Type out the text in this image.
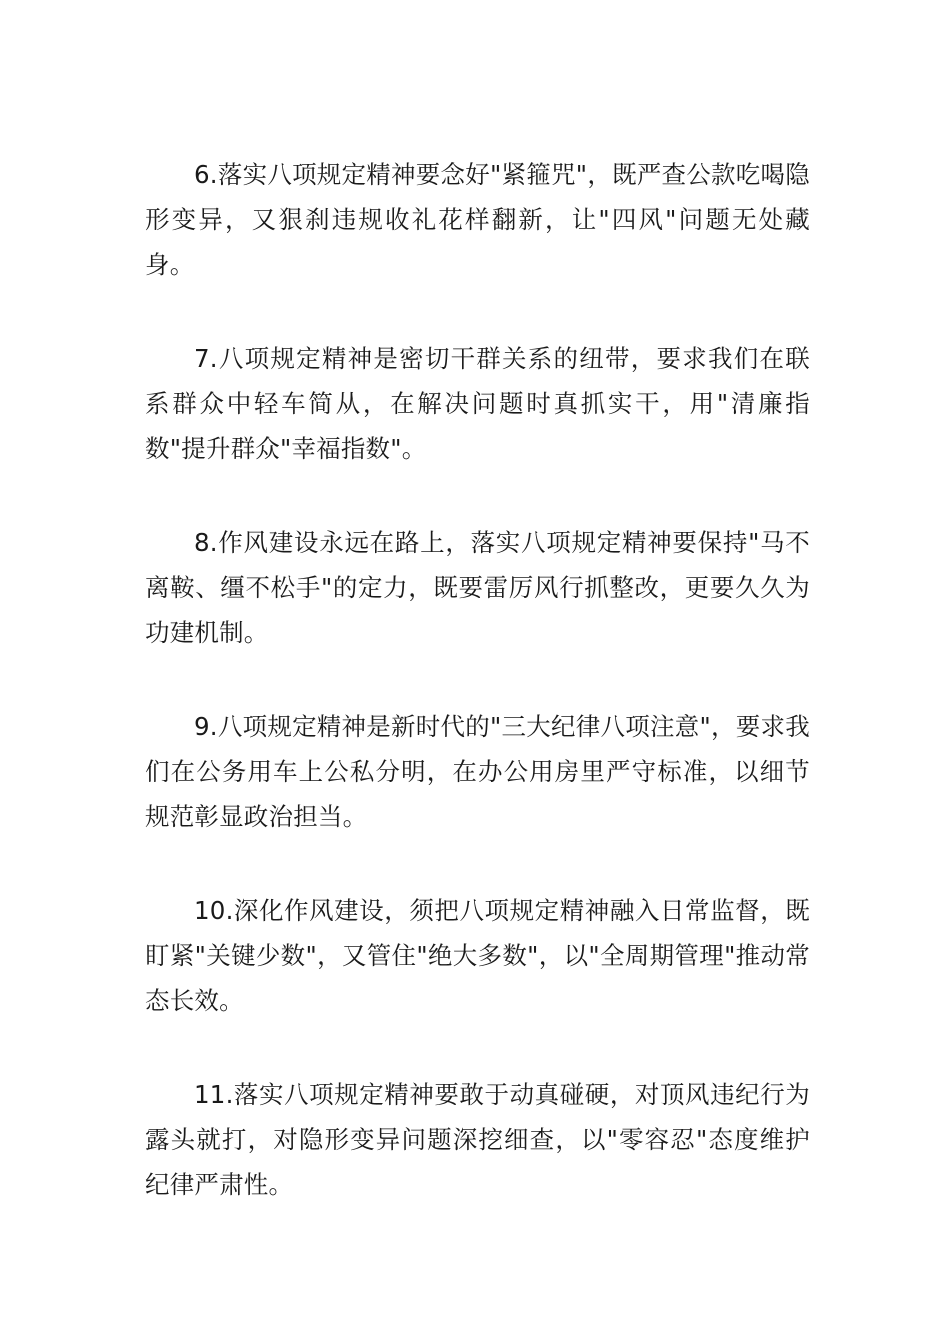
6.落实八项规定精神要念好"紧箍咒"，既严查公款吃喝隐形变异，又狠刹违规收礼花样翻新，让"四风"问题无处藏身。

7.八项规定精神是密切干群关系的纽带，要求我们在联系群众中轻车简从，在解决问题时真抓实干，用"清廉指数"提升群众"幸福指数"。

8.作风建设永远在路上，落实八项规定精神要保持"马不离鞍、缰不松手"的定力，既要雷厉风行抓整改，更要久久为功建机制。

9.八项规定精神是新时代的"三大纪律八项注意"，要求我们在公务用车上公私分明，在办公用房里严守标准，以细节规范彰显政治担当。

10.深化作风建设，须把八项规定精神融入日常监督，既盯紧"关键少数"，又管住"绝大多数"，以"全周期管理"推动常态长效。

11.落实八项规定精神要敢于动真碰硬，对顶风违纪行为露头就打，对隐形变异问题深挖细查，以"零容忍"态度维护纪律严肃性。
